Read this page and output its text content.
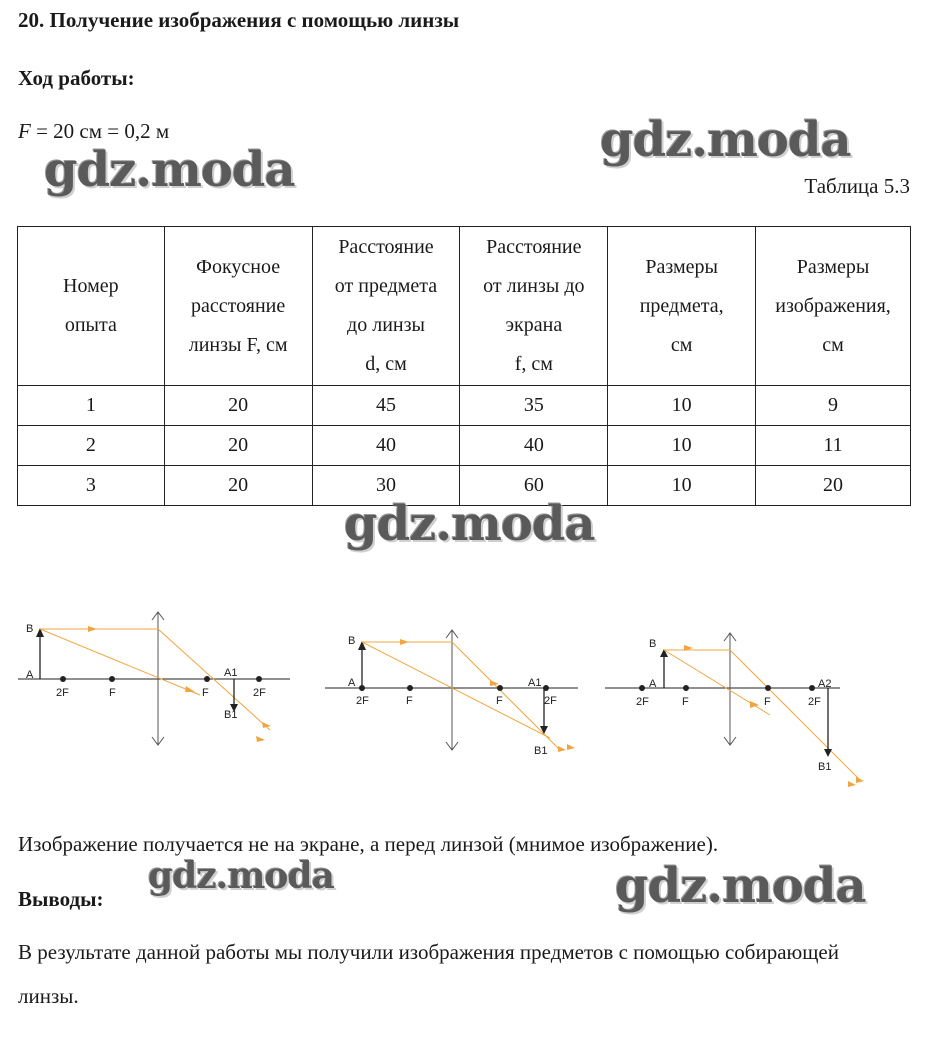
20. Получение изображения с помощью линзы
Ход работы:
F = 20 см = 0,2 м
gdz.moda
gdz.moda
Таблица 5.3
Номер
опыта	Фокусное
расстояние
линзы F, см	Расстояние
от предмета
до линзы
d, см	Расстояние
от линзы до
экрана
f, см	Размеры
предмета,
см	Размеры
изображения,
см
1	20	45	35	10	9
2	20	40	40	10	11
3	20	30	60	10	20
gdz.moda
B
A
2F	F	F
A1
2F
B1
B
A
2F	F	F
A1
2F
B1
B
A
2F	F	F
A2
2F
B1
Изображение получается не на экране, а перед линзой (мнимое изображение).
gdz.moda	gdz.moda
Выводы:
В результате данной работы мы получили изображения предметов с помощью собирающей
линзы.
